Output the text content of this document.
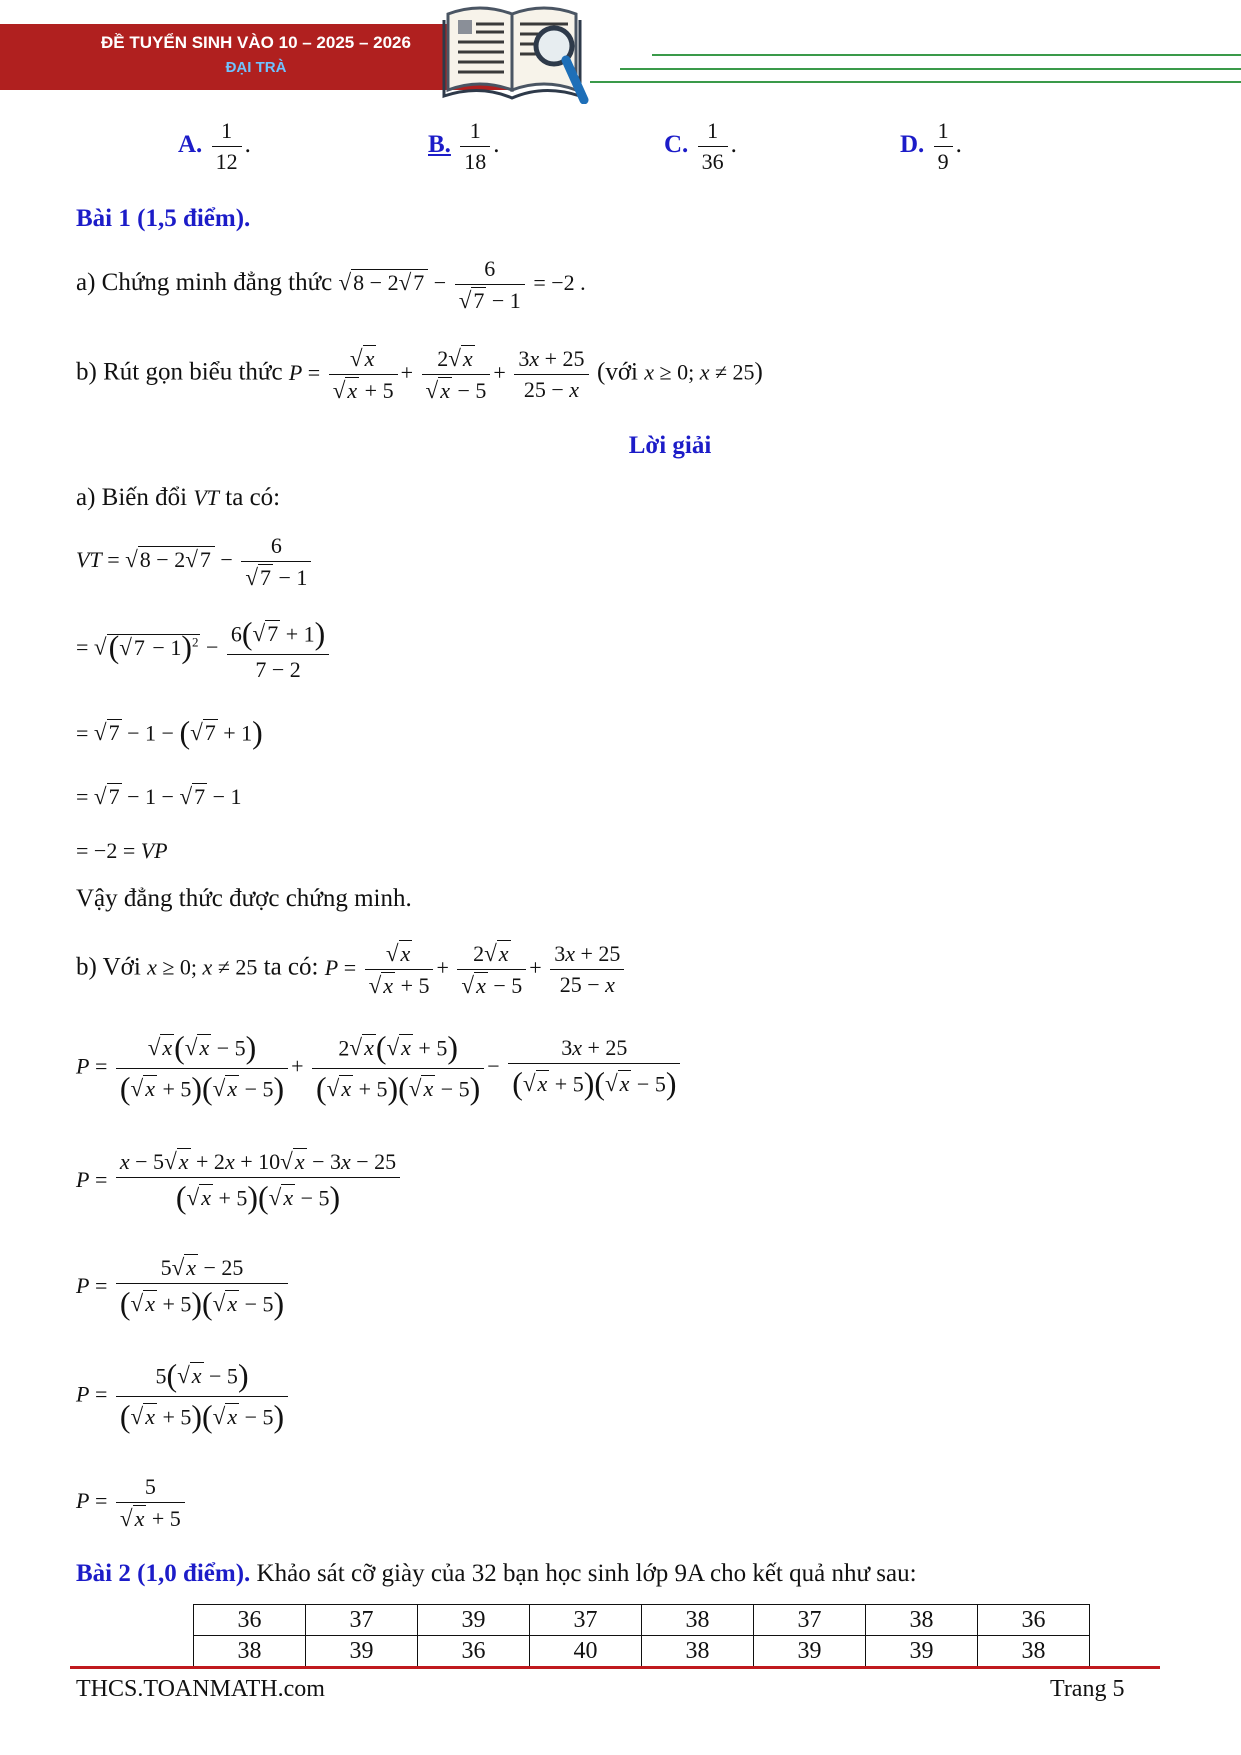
ĐỀ TUYỂN SINH VÀO 10 – 2025 – 2026
ĐẠI TRÀ
A. $\frac{1}{12}$ .	B. $\frac{1}{18}$ .	C. $\frac{1}{36}$ .	D. $\frac{1}{9}$ .
Bài 1 (1,5 điểm).
a) Chứng minh đẳng thức $√8 - 2√7 - \frac{6}{√7 - 1} = -2$ .
b) Rút gọn biểu thức $P = \frac{√x}{√x + 5} + \frac{2√x}{√x - 5} + \frac{3x + 25}{25 - x}$ (với x ≥ 0; x ≠ 25)
Lời giải
a) Biến đổi VT ta có:
VT = $√8 - 2√7 - \frac{6}{√7 - 1}$
= $√(√7 - 1)^2 - \frac{6(√7 + 1)}{7 - 2}$
= √7 − 1 − (√7 + 1)
= √7 − 1 − √7 − 1
= −2 = VP
Vậy đẳng thức được chứng minh.
b) Với x ≥ 0; x ≠ 25 ta có: $P = \frac{√x}{√x + 5} + \frac{2√x}{√x - 5} + \frac{3x + 25}{25 - x}$
$P = \frac{√x(√x - 5)}{(√x + 5)(√x - 5)} + \frac{2√x(√x + 5)}{(√x + 5)(√x - 5)} - \frac{3x + 25}{(√x + 5)(√x - 5)}$
$P = \frac{x - 5√x + 2x + 10√x - 3x - 25}{(√x + 5)(√x - 5)}$
$P = \frac{5√x - 25}{(√x + 5)(√x - 5)}$
$P = \frac{5(√x - 5)}{(√x + 5)(√x - 5)}$
$P = \frac{5}{√x + 5}$
Bài 2 (1,0 điểm). Khảo sát cỡ giày của 32 bạn học sinh lớp 9A cho kết quả như sau:
36	37	39	37	38	37	38	36
38	39	36	40	38	39	39	38
THCS.TOANMATH.com	Trang 5
